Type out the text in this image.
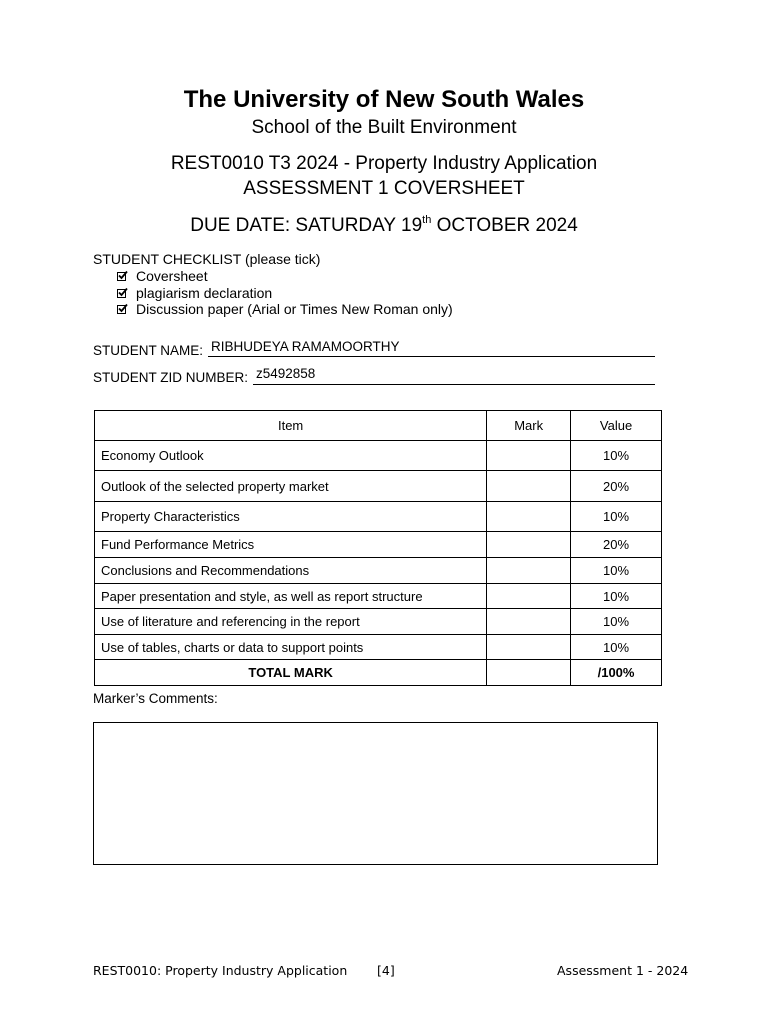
The University of New South Wales
School of the Built Environment
REST0010 T3 2024 - Property Industry Application
ASSESSMENT 1 COVERSHEET
DUE DATE: SATURDAY 19th OCTOBER 2024
STUDENT CHECKLIST (please tick)
Coversheet
plagiarism declaration
Discussion paper (Arial or Times New Roman only)
STUDENT NAME: RIBHUDEYA RAMAMOORTHY
STUDENT ZID NUMBER: z5492858
Item	Mark	Value
Economy Outlook		10%
Outlook of the selected property market		20%
Property Characteristics		10%
Fund Performance Metrics		20%
Conclusions and Recommendations		10%
Paper presentation and style, as well as report structure		10%
Use of literature and referencing in the report		10%
Use of tables, charts or data to support points		10%
TOTAL MARK		/100%
Marker’s Comments:
REST0010: Property Industry Application [4]	Assessment 1 - 2024
